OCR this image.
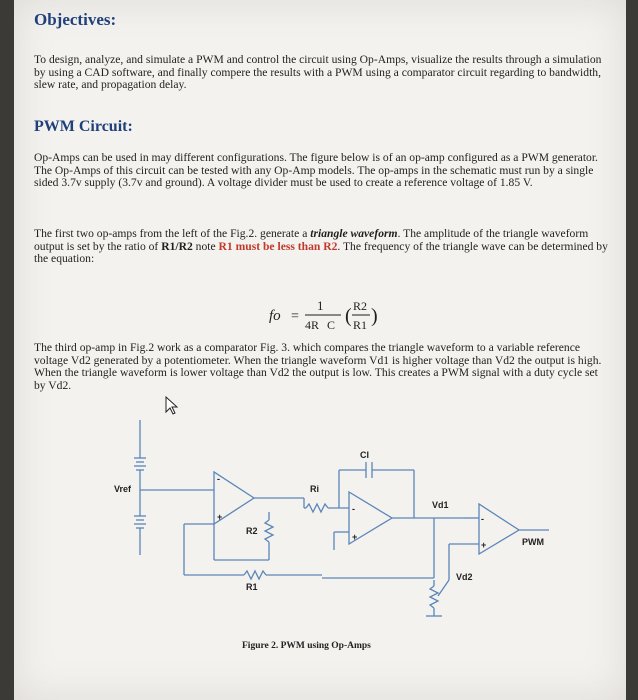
Objectives:
To design, analyze, and simulate a PWM and control the circuit using Op-Amps, visualize the results through a simulation by using a CAD software, and finally compere the results with a PWM using a comparator circuit regarding to bandwidth, slew rate, and propagation delay.
PWM Circuit:
Op-Amps can be used in may different configurations. The figure below is of an op-amp configured as a PWM generator. The Op-Amps of this circuit can be tested with any Op-Amp models. The op-amps in the schematic must run by a single sided 3.7v supply (3.7v and ground). A voltage divider must be used to create a reference voltage of 1.85 V.
The first two op-amps from the left of the Fig.2. generate a triangle waveform. The amplitude of the triangle waveform output is set by the ratio of R1/R2 note R1 must be less than R2. The frequency of the triangle wave can be determined by the equation:
fo =
1
4R C ( R2
R1 )
The third op-amp in Fig.2 work as a comparator Fig. 3. which compares the triangle waveform to a variable reference voltage Vd2 generated by a potentiometer. When the triangle waveform Vd1 is higher voltage than Vd2 the output is high. When the triangle waveform is lower voltage than Vd2 the output is low. This creates a PWM signal with a duty cycle set by Vd2.
Vref	Ri
CI
R2
R1
Vd1
Vd2
PWM
-
+
-
+
-
+
Figure 2. PWM using Op-Amps
